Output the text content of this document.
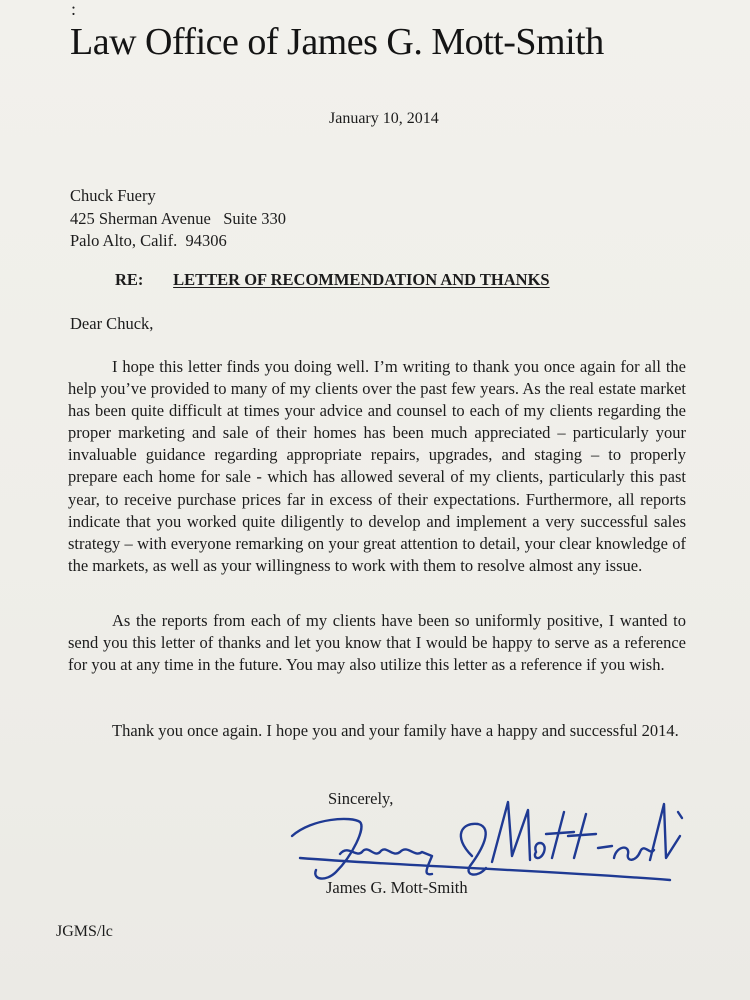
:
Law Office of James G. Mott-Smith
January 10, 2014
Chuck Fuery
425 Sherman Avenue   Suite 330
Palo Alto, Calif.  94306
RE: LETTER OF RECOMMENDATION AND THANKS
Dear Chuck,
I hope this letter finds you doing well. I’m writing to thank you once again for all the help you’ve provided to many of my clients over the past few years. As the real estate market has been quite difficult at times your advice and counsel to each of my clients regarding the proper marketing and sale of their homes has been much appreciated – particularly your invaluable guidance regarding appropriate repairs, upgrades, and staging – to properly prepare each home for sale - which has allowed several of my clients, particularly this past year, to receive purchase prices far in excess of their expectations. Furthermore, all reports indicate that you worked quite diligently to develop and implement a very successful sales strategy – with everyone remarking on your great attention to detail, your clear knowledge of the markets, as well as your willingness to work with them to resolve almost any issue.
As the reports from each of my clients have been so uniformly positive, I wanted to send you this letter of thanks and let you know that I would be happy to serve as a reference for you at any time in the future. You may also utilize this letter as a reference if you wish.
Thank you once again. I hope you and your family have a happy and successful 2014.
Sincerely,
James G. Mott-Smith
JGMS/lc
